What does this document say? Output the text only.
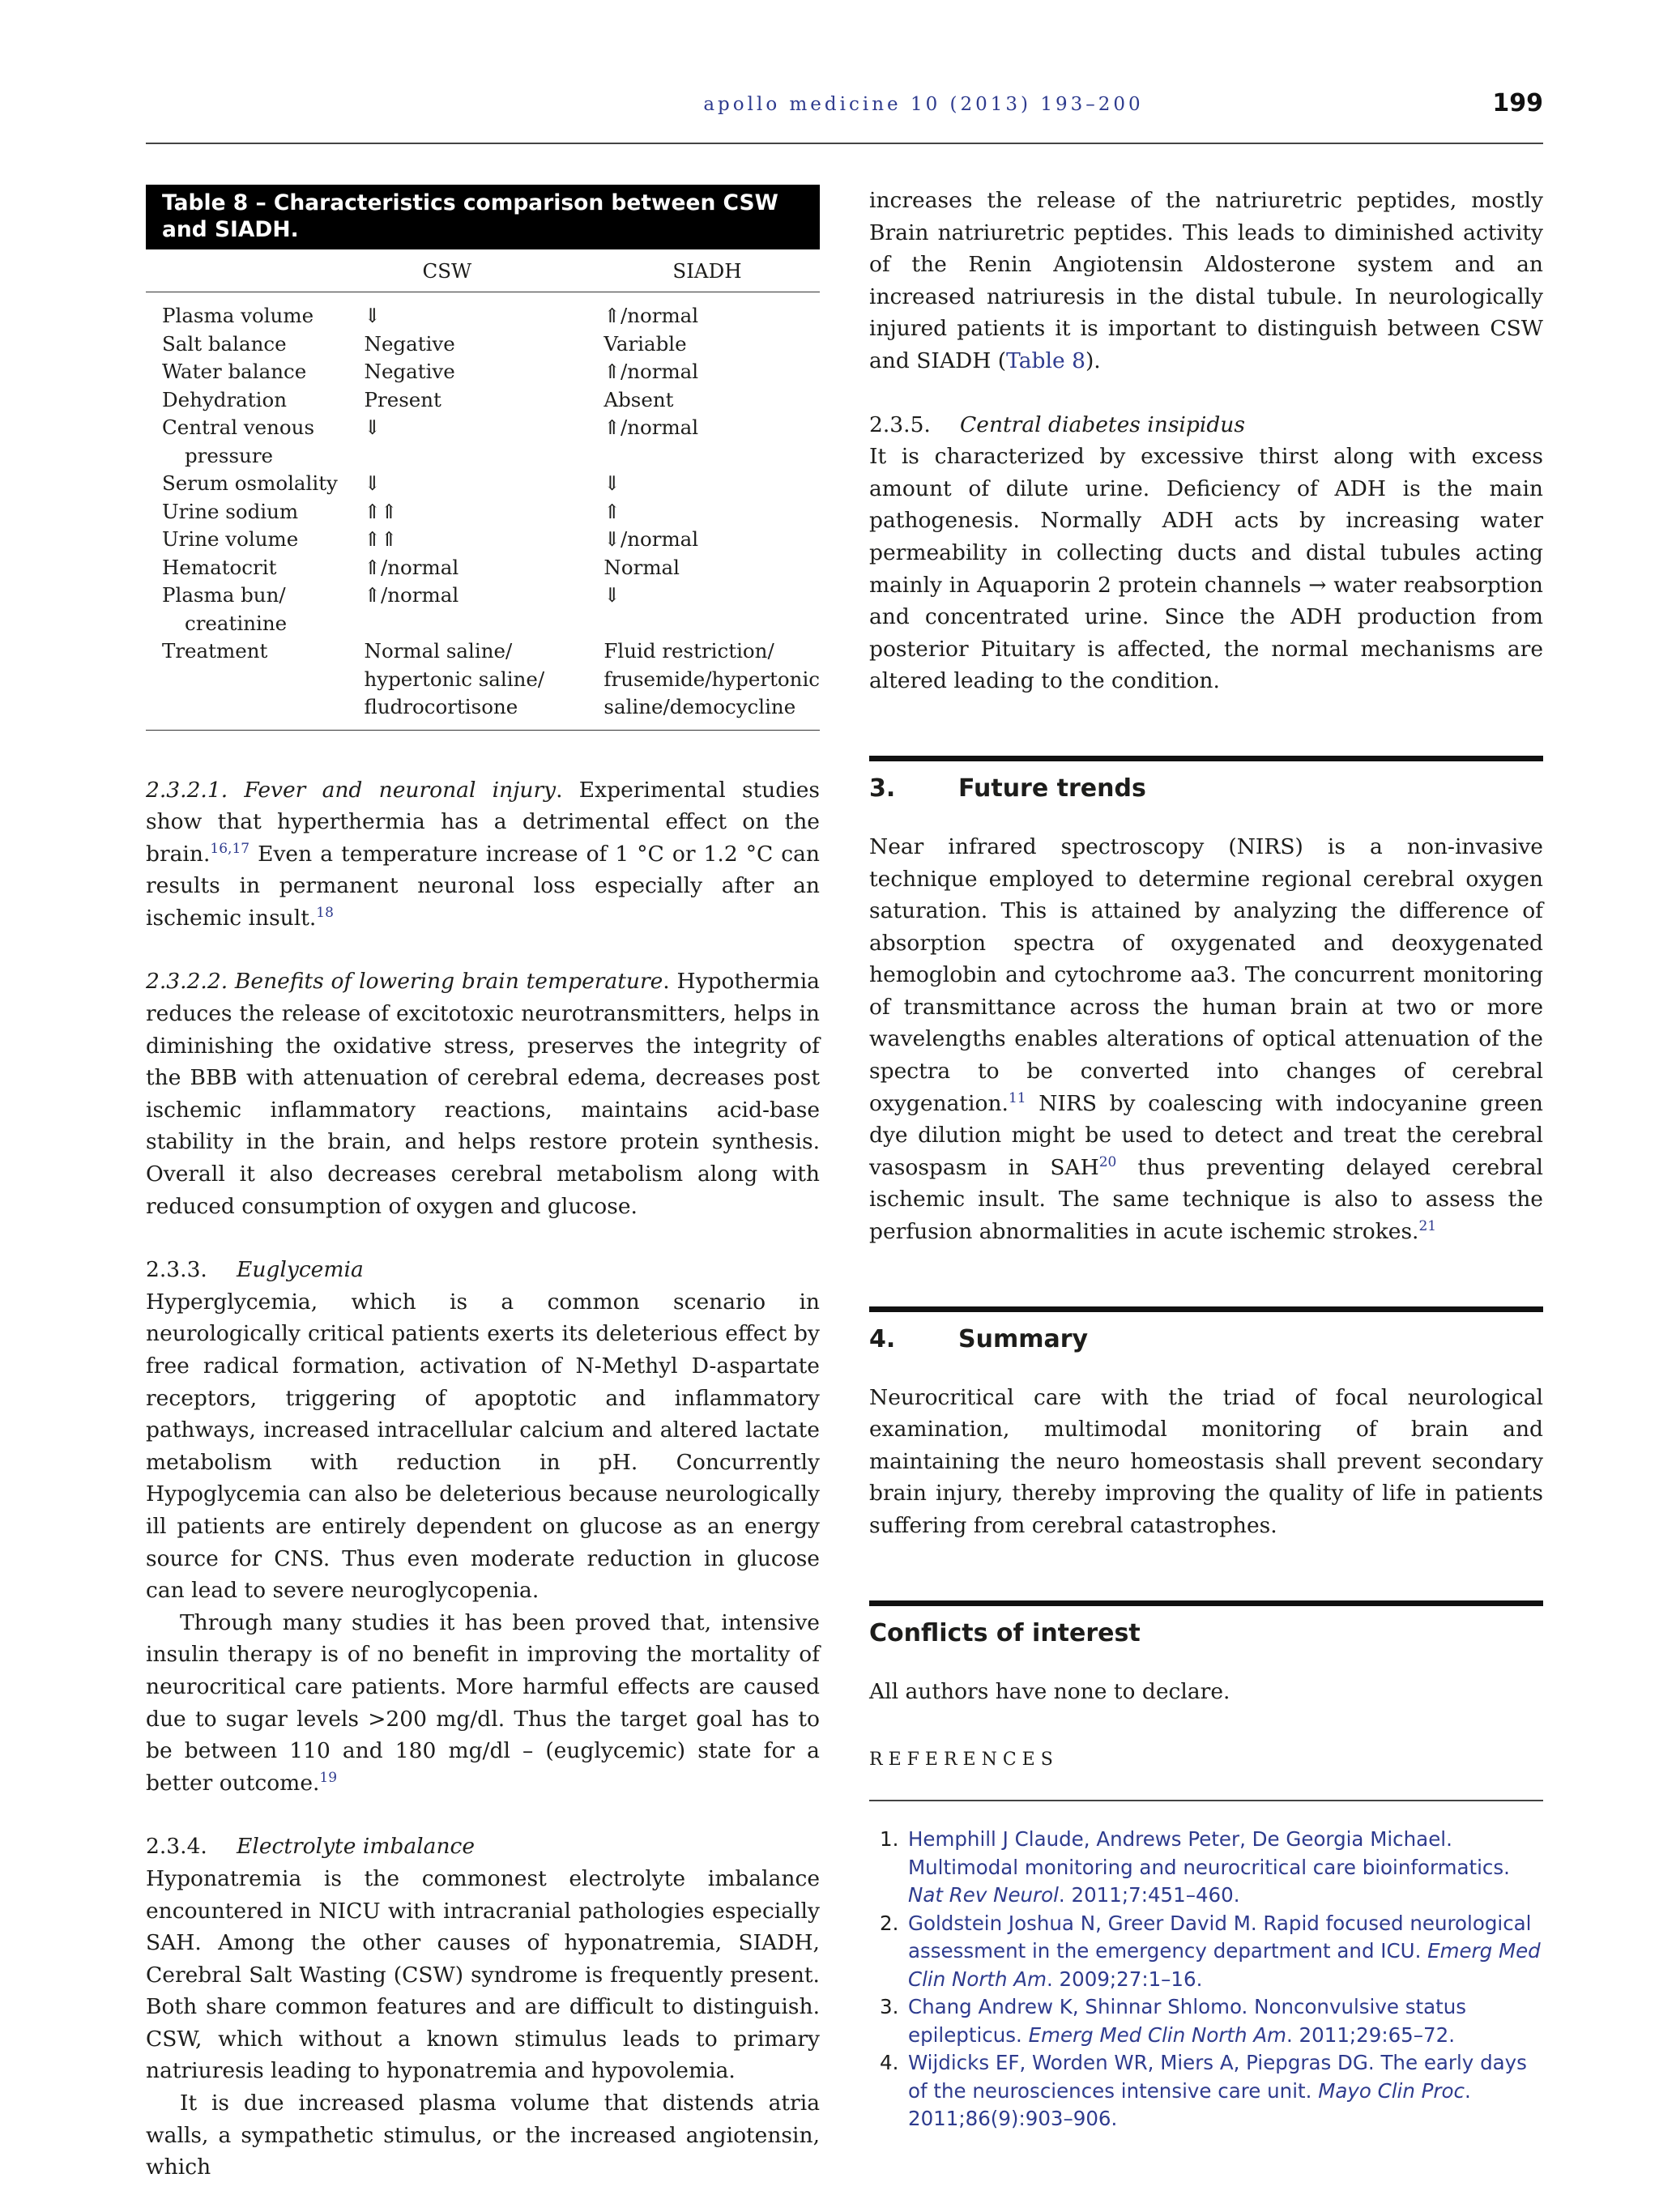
apollo medicine 10 (2013) 193–200	199
Table 8 – Characteristics comparison between CSW and SIADH.
	CSW	SIADH
Plasma volume	⇓	⇑/normal
Salt balance	Negative	Variable
Water balance	Negative	⇑/normal
Dehydration	Present	Absent
Central venous pressure	⇓	⇑/normal
Serum osmolality	⇓	⇓
Urine sodium	⇑⇑	⇑
Urine volume	⇑⇑	⇓/normal
Hematocrit	⇑/normal	Normal
Plasma bun/ creatinine	⇑/normal	⇓
Treatment	Normal saline/ hypertonic saline/ fludrocortisone	Fluid restriction/ frusemide/hypertonic saline/democycline

2.3.2.1. Fever and neuronal injury. Experimental studies show that hyperthermia has a detrimental effect on the brain.$^{16,17}$ Even a temperature increase of 1 °C or 1.2 °C can results in permanent neuronal loss especially after an ischemic insult.$^{18}$

2.3.2.2. Benefits of lowering brain temperature. Hypothermia reduces the release of excitotoxic neurotransmitters, helps in diminishing the oxidative stress, preserves the integrity of the BBB with attenuation of cerebral edema, decreases post ischemic inflammatory reactions, maintains acid-base stability in the brain, and helps restore protein synthesis. Overall it also decreases cerebral metabolism along with reduced consumption of oxygen and glucose.

2.3.3. Euglycemia

Hyperglycemia, which is a common scenario in neurologically critical patients exerts its deleterious effect by free radical formation, activation of N-Methyl D-aspartate receptors, triggering of apoptotic and inflammatory pathways, increased intracellular calcium and altered lactate metabolism with reduction in pH. Concurrently Hypoglycemia can also be deleterious because neurologically ill patients are entirely dependent on glucose as an energy source for CNS. Thus even moderate reduction in glucose can lead to severe neuroglycopenia.

Through many studies it has been proved that, intensive insulin therapy is of no benefit in improving the mortality of neurocritical care patients. More harmful effects are caused due to sugar levels >200 mg/dl. Thus the target goal has to be between 110 and 180 mg/dl – (euglycemic) state for a better outcome.$^{19}$

2.3.4. Electrolyte imbalance

Hyponatremia is the commonest electrolyte imbalance encountered in NICU with intracranial pathologies especially SAH. Among the other causes of hyponatremia, SIADH, Cerebral Salt Wasting (CSW) syndrome is frequently present. Both share common features and are difficult to distinguish. CSW, which without a known stimulus leads to primary natriuresis leading to hyponatremia and hypovolemia.

It is due increased plasma volume that distends atria walls, a sympathetic stimulus, or the increased angiotensin, which

increases the release of the natriuretric peptides, mostly Brain natriuretric peptides. This leads to diminished activity of the Renin Angiotensin Aldosterone system and an increased natriuresis in the distal tubule. In neurologically injured patients it is important to distinguish between CSW and SIADH (Table 8).

2.3.5. Central diabetes insipidus

It is characterized by excessive thirst along with excess amount of dilute urine. Deficiency of ADH is the main pathogenesis. Normally ADH acts by increasing water permeability in collecting ducts and distal tubules acting mainly in Aquaporin 2 protein channels → water reabsorption and concentrated urine. Since the ADH production from posterior Pituitary is affected, the normal mechanisms are altered leading to the condition.

3.	Future trends

Near infrared spectroscopy (NIRS) is a non-invasive technique employed to determine regional cerebral oxygen saturation. This is attained by analyzing the difference of absorption spectra of oxygenated and deoxygenated hemoglobin and cytochrome aa3. The concurrent monitoring of transmittance across the human brain at two or more wavelengths enables alterations of optical attenuation of the spectra to be converted into changes of cerebral oxygenation.$^{11}$ NIRS by coalescing with indocyanine green dye dilution might be used to detect and treat the cerebral vasospasm in SAH$^{20}$ thus preventing delayed cerebral ischemic insult. The same technique is also to assess the perfusion abnormalities in acute ischemic strokes.$^{21}$

4.	Summary

Neurocritical care with the triad of focal neurological examination, multimodal monitoring of brain and maintaining the neuro homeostasis shall prevent secondary brain injury, thereby improving the quality of life in patients suffering from cerebral catastrophes.

Conflicts of interest

All authors have none to declare.

REFERENCES
1. Hemphill J Claude, Andrews Peter, De Georgia Michael. Multimodal monitoring and neurocritical care bioinformatics. Nat Rev Neurol. 2011;7:451–460.
2. Goldstein Joshua N, Greer David M. Rapid focused neurological assessment in the emergency department and ICU. Emerg Med Clin North Am. 2009;27:1–16.
3. Chang Andrew K, Shinnar Shlomo. Nonconvulsive status epilepticus. Emerg Med Clin North Am. 2011;29:65–72.
4. Wijdicks EF, Worden WR, Miers A, Piepgras DG. The early days of the neurosciences intensive care unit. Mayo Clin Proc. 2011;86(9):903–906.
